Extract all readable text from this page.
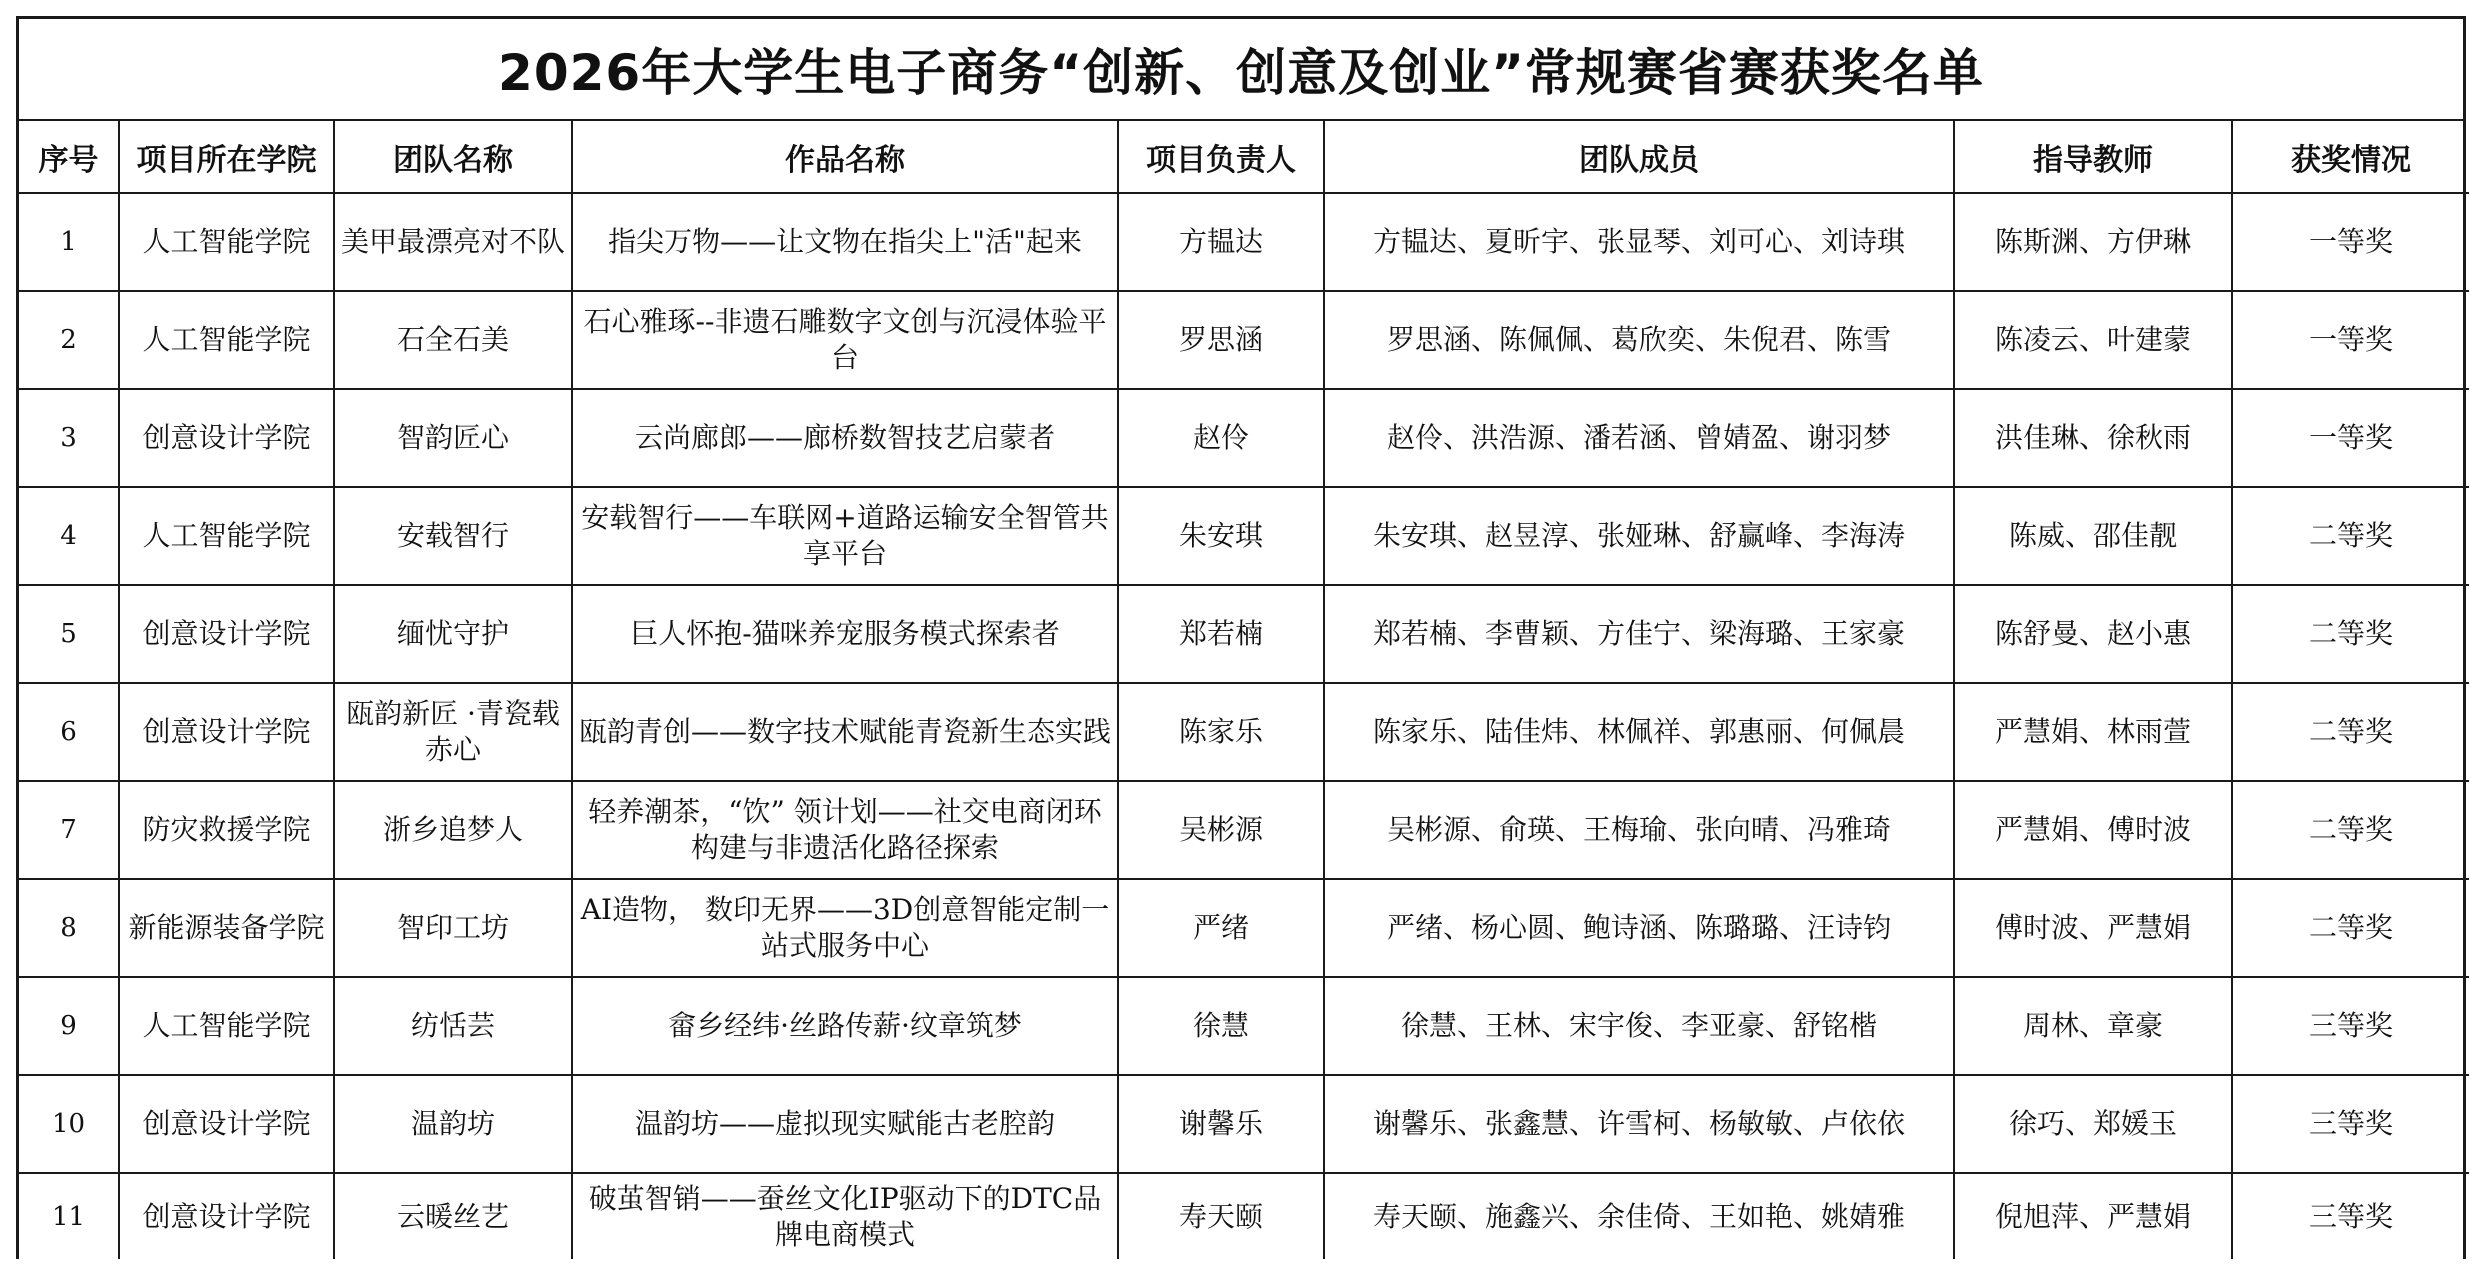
2026年大学生电子商务“创新、创意及创业”常规赛省赛获奖名单
序号	项目所在学院	团队名称	作品名称	项目负责人	团队成员	指导教师	获奖情况
1	人工智能学院	美甲最漂亮对不队	指尖万物——让文物在指尖上"活"起来	方韫达	方韫达、夏昕宇、张显琴、刘可心、刘诗琪	陈斯渊、方伊琳	一等奖
2	人工智能学院	石全石美	石心雅琢--非遗石雕数字文创与沉浸体验平台	罗思涵	罗思涵、陈佩佩、葛欣奕、朱倪君、陈雪	陈凌云、叶建蒙	一等奖
3	创意设计学院	智韵匠心	云尚廊郎——廊桥数智技艺启蒙者	赵伶	赵伶、洪浩源、潘若涵、曾婧盈、谢羽梦	洪佳琳、徐秋雨	一等奖
4	人工智能学院	安载智行	安载智行——车联网+道路运输安全智管共享平台	朱安琪	朱安琪、赵昱淳、张娅琳、舒赢峰、李海涛	陈威、邵佳靓	二等奖
5	创意设计学院	缅忧守护	巨人怀抱-猫咪养宠服务模式探索者	郑若楠	郑若楠、李曹颖、方佳宁、梁海璐、王家豪	陈舒曼、赵小惠	二等奖
6	创意设计学院	瓯韵新匠 ·青瓷载赤心	瓯韵青创——数字技术赋能青瓷新生态实践	陈家乐	陈家乐、陆佳炜、林佩祥、郭惠丽、何佩晨	严慧娟、林雨萱	二等奖
7	防灾救援学院	浙乡追梦人	轻养潮茶，“饮” 领计划——社交电商闭环构建与非遗活化路径探索	吴彬源	吴彬源、俞瑛、王梅瑜、张向晴、冯雅琦	严慧娟、傅时波	二等奖
8	新能源装备学院	智印工坊	AI造物， 数印无界——3D创意智能定制一站式服务中心	严绪	严绪、杨心圆、鲍诗涵、陈璐璐、汪诗钧	傅时波、严慧娟	二等奖
9	人工智能学院	纺恬芸	畲乡经纬·丝路传薪·纹章筑梦	徐慧	徐慧、王林、宋宇俊、李亚豪、舒铭楷	周林、章豪	三等奖
10	创意设计学院	温韵坊	温韵坊——虚拟现实赋能古老腔韵	谢馨乐	谢馨乐、张鑫慧、许雪柯、杨敏敏、卢依依	徐巧、郑媛玉	三等奖
11	创意设计学院	云暖丝艺	破茧智销——蚕丝文化IP驱动下的DTC品牌电商模式	寿天颐	寿天颐、施鑫兴、余佳倚、王如艳、姚婧雅	倪旭萍、严慧娟	三等奖
